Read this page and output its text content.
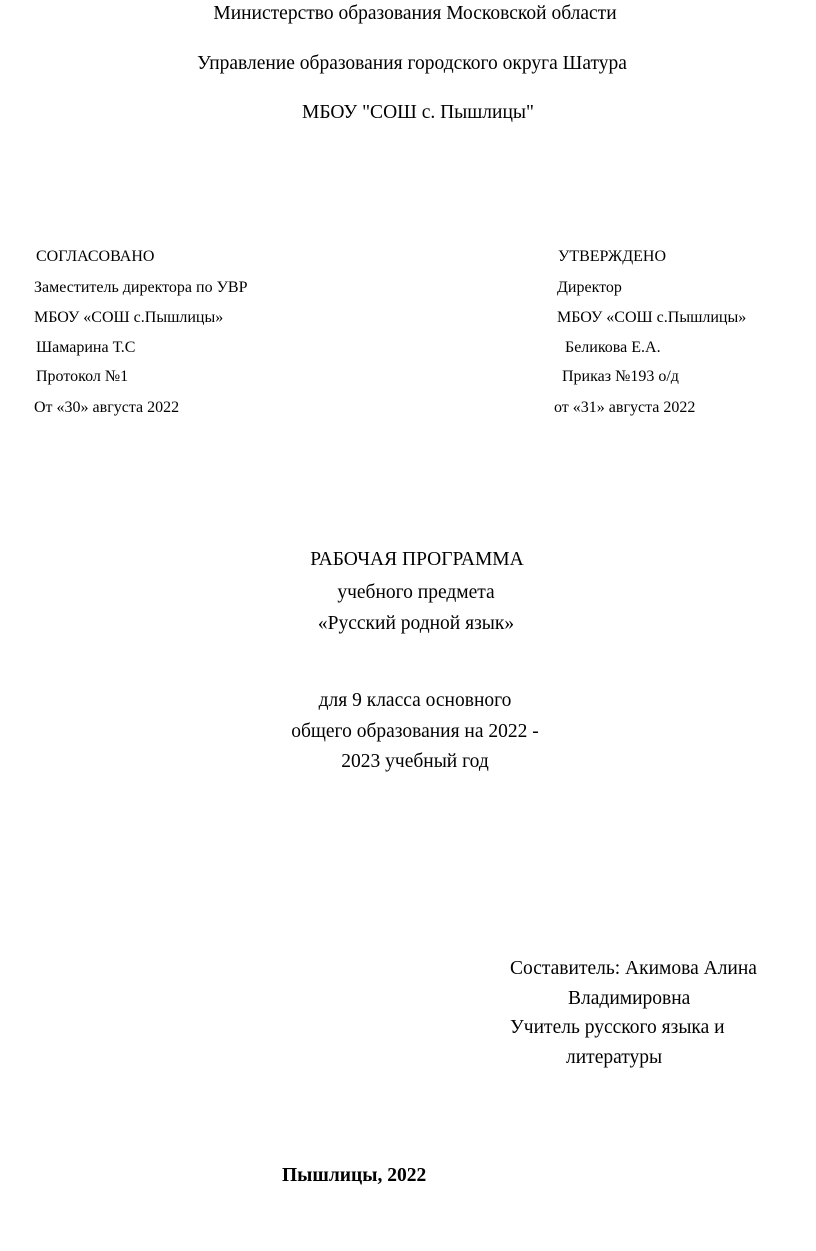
Министерство образования Московской области
Управление образования городского округа Шатура
МБОУ "СОШ с. Пышлицы"
СОГЛАСОВАНО
Заместитель директора по УВР
МБОУ «СОШ с.Пышлицы»
Шамарина Т.С
Протокол №1
От «30» августа 2022
УТВЕРЖДЕНО
Директор
МБОУ «СОШ с.Пышлицы»
Беликова Е.А.
Приказ №193 о/д
от «31» августа 2022
РАБОЧАЯ ПРОГРАММА
учебного предмета
«Русский родной язык»
для 9 класса основного
общего образования на 2022 -
2023 учебный год
Составитель: Акимова Алина
Владимировна
Учитель русского языка и
литературы
Пышлицы, 2022
